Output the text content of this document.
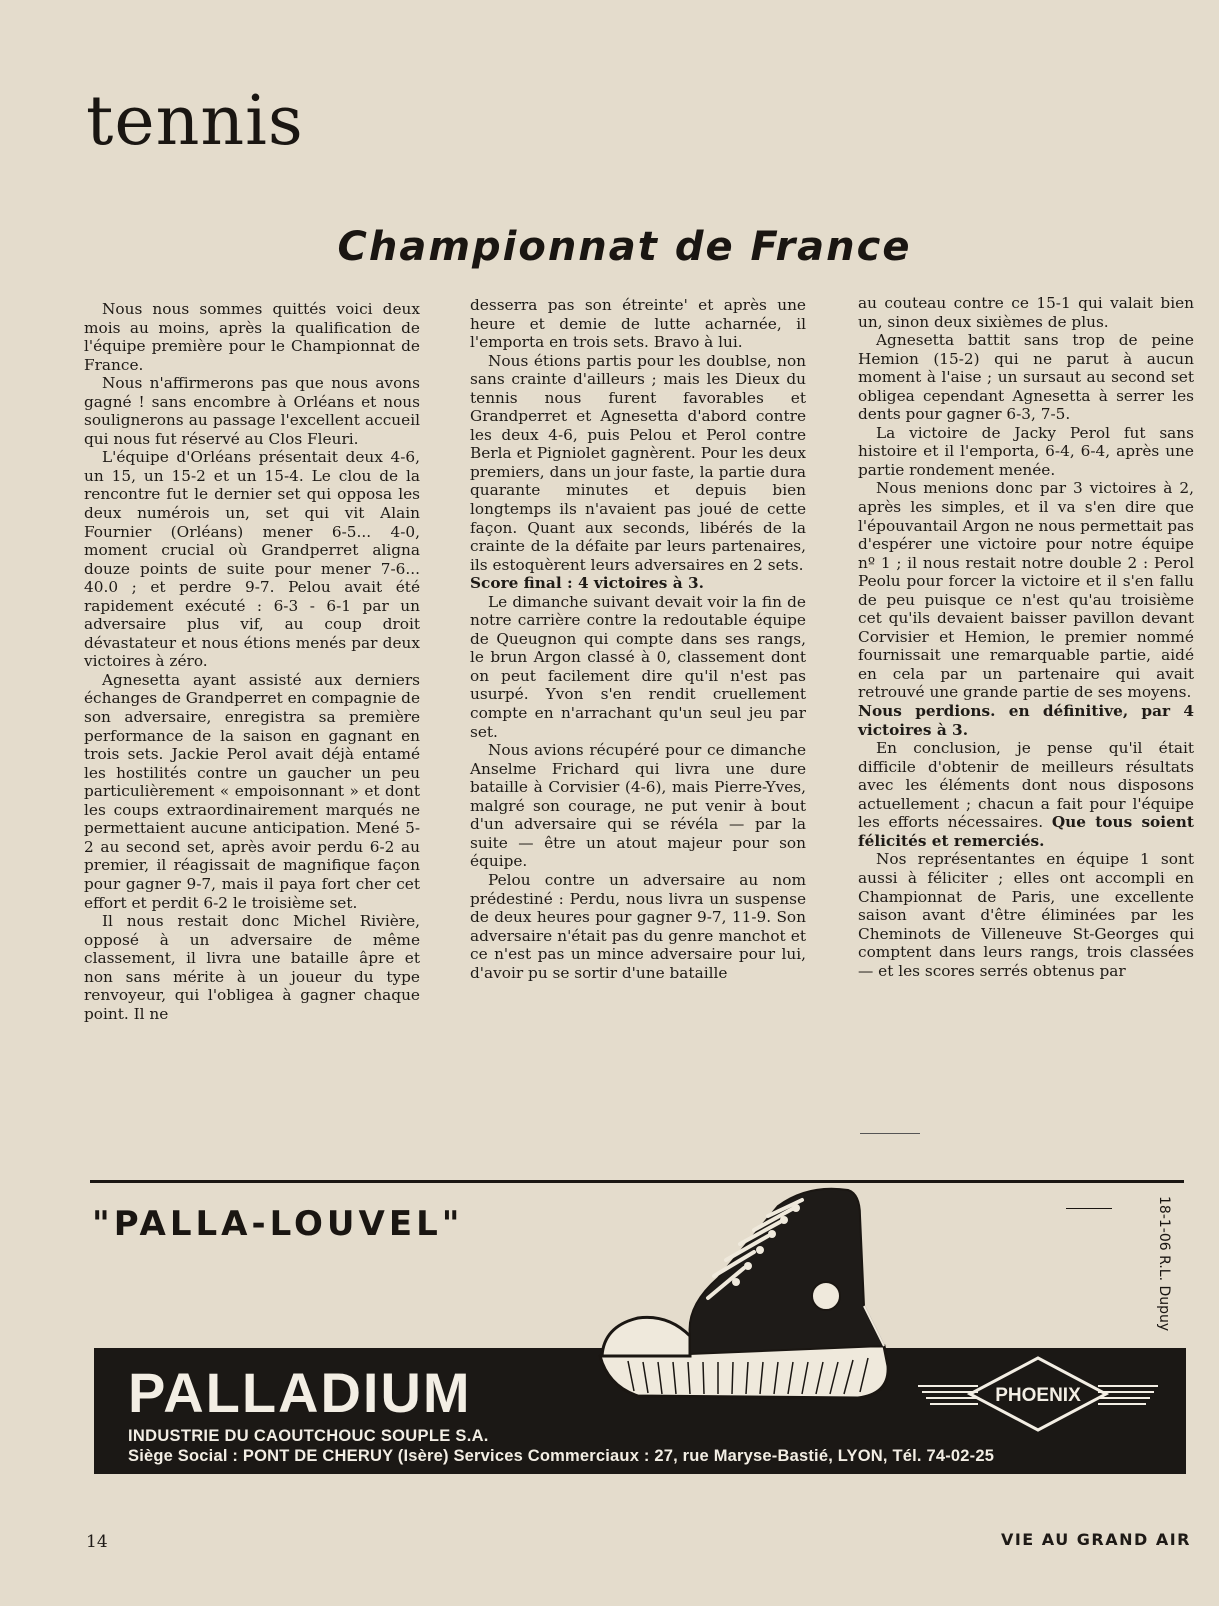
tennis
Championnat de France

Nous nous sommes quittés voici deux mois au moins, après la qualification de l'équipe première pour le Championnat de France.

Nous n'affirmerons pas que nous avons gagné ! sans encombre à Orléans et nous soulignerons au passage l'excellent accueil qui nous fut réservé au Clos Fleuri.

L'équipe d'Orléans présentait deux 4-6, un 15, un 15-2 et un 15-4. Le clou de la rencontre fut le dernier set qui opposa les deux numérois un, set qui vit Alain Fournier (Orléans) mener 6-5... 4-0, moment crucial où Grandperret aligna douze points de suite pour mener 7-6... 40.0 ; et perdre 9-7. Pelou avait été rapidement exécuté : 6-3 - 6-1 par un adversaire plus vif, au coup droit dévastateur et nous étions menés par deux victoires à zéro.

Agnesetta ayant assisté aux derniers échanges de Grandperret en compagnie de son adversaire, enregistra sa première performance de la saison en gagnant en trois sets. Jackie Perol avait déjà entamé les hostilités contre un gaucher un peu particulièrement « empoisonnant » et dont les coups extraordinairement marqués ne permettaient aucune anticipation. Mené 5-2 au second set, après avoir perdu 6-2 au premier, il réagissait de magnifique façon pour gagner 9-7, mais il paya fort cher cet effort et perdit 6-2 le troisième set.

Il nous restait donc Michel Rivière, opposé à un adversaire de même classement, il livra une bataille âpre et non sans mérite à un joueur du type renvoyeur, qui l'obligea à gagner chaque point. Il ne

desserra pas son étreinte' et après une heure et demie de lutte acharnée, il l'emporta en trois sets. Bravo à lui.

Nous étions partis pour les doublse, non sans crainte d'ailleurs ; mais les Dieux du tennis nous furent favorables et Grandperret et Agnesetta d'abord contre les deux 4-6, puis Pelou et Perol contre Berla et Pigniolet gagnèrent. Pour les deux premiers, dans un jour faste, la partie dura quarante minutes et depuis bien longtemps ils n'avaient pas joué de cette façon. Quant aux seconds, libérés de la crainte de la défaite par leurs partenaires, ils estoquèrent leurs adversaires en 2 sets.

Score final : 4 victoires à 3.

Le dimanche suivant devait voir la fin de notre carrière contre la redoutable équipe de Queugnon qui compte dans ses rangs, le brun Argon classé à 0, classement dont on peut facilement dire qu'il n'est pas usurpé. Yvon s'en rendit cruellement compte en n'arrachant qu'un seul jeu par set.

Nous avions récupéré pour ce dimanche Anselme Frichard qui livra une dure bataille à Corvisier (4-6), mais Pierre-Yves, malgré son courage, ne put venir à bout d'un adversaire qui se révéla — par la suite — être un atout majeur pour son équipe.

Pelou contre un adversaire au nom prédestiné : Perdu, nous livra un suspense de deux heures pour gagner 9-7, 11-9. Son adversaire n'était pas du genre manchot et ce n'est pas un mince adversaire pour lui, d'avoir pu se sortir d'une bataille

au couteau contre ce 15-1 qui valait bien un, sinon deux sixièmes de plus.

Agnesetta battit sans trop de peine Hemion (15-2) qui ne parut à aucun moment à l'aise ; un sursaut au second set obligea cependant Agnesetta à serrer les dents pour gagner 6-3, 7-5.

La victoire de Jacky Perol fut sans histoire et il l'emporta, 6-4, 6-4, après une partie rondement menée.

Nous menions donc par 3 victoires à 2, après les simples, et il va s'en dire que l'épouvantail Argon ne nous permettait pas d'espérer une victoire pour notre équipe nº 1 ; il nous restait notre double 2 : Perol Peolu pour forcer la victoire et il s'en fallu de peu puisque ce n'est qu'au troisième cet qu'ils devaient baisser pavillon devant Corvisier et Hemion, le premier nommé fournissait une remarquable partie, aidé en cela par un partenaire qui avait retrouvé une grande partie de ses moyens.

Nous perdions. en définitive, par 4 victoires à 3.

En conclusion, je pense qu'il était difficile d'obtenir de meilleurs résultats avec les éléments dont nous disposons actuellement ; chacun a fait pour l'équipe les efforts nécessaires. Que tous soient félicités et remerciés.

Nos représentantes en équipe 1 sont aussi à féliciter ; elles ont accompli en Championnat de Paris, une excellente saison avant d'être éliminées par les Cheminots de Villeneuve St-Georges qui comptent dans leurs rangs, trois classées — et les scores serrés obtenus par

"PALLA-LOUVEL"	18-1-06 R.L. Dupuy
PALLADIUM
INDUSTRIE DU CAOUTCHOUC SOUPLE S.A.
Siège Social : PONT DE CHERUY (Isère) Services Commerciaux : 27, rue Maryse-Bastié, LYON, Tél. 74-02-25
PHOENIX
14	VIE AU GRAND AIR
